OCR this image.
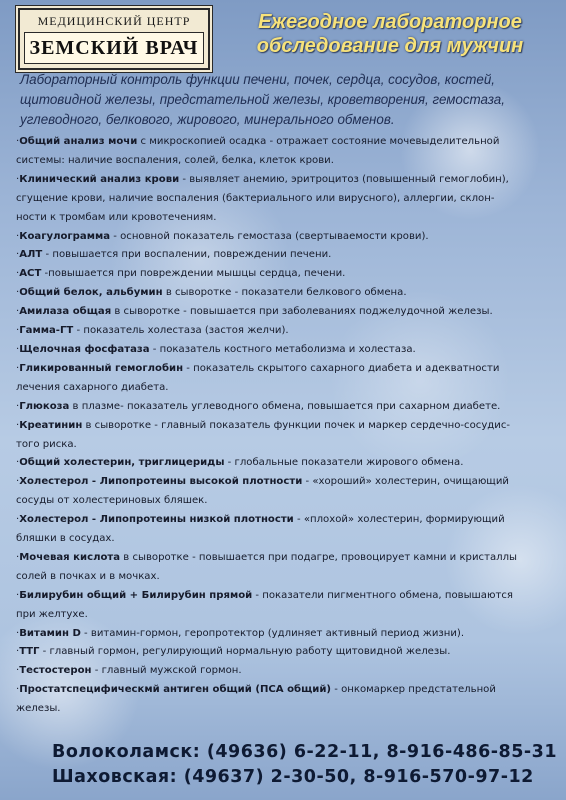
МЕДИЦИНСКИЙ ЦЕНТР
ЗЕМСКИЙ ВРАЧ
Ежегодное лабораторное
обследование для мужчин
Лабораторный контроль функции печени, почек, сердца, сосудов, костей,
щитовидной железы, предстательной железы, кроветворения, гемостаза,
углеводного, белкового, жирового, минерального обменов.
·Общий анализ мочи с микроскопией осадка - отражает состояние мочевыделительной
системы: наличие воспаления, солей, белка, клеток крови.
·Клинический анализ крови - выявляет анемию, эритроцитоз (повышенный гемоглобин),
сгущение крови, наличие воспаления (бактериального или вирусного), аллергии, склон-
ности к тромбам или кровотечениям.
·Коагулограмма - основной показатель гемостаза (свертываемости крови).
·АЛТ - повышается при воспалении, повреждении печени.
·АСТ -повышается при повреждении мышцы сердца, печени.
·Общий белок, альбумин в сыворотке - показатели белкового обмена.
·Амилаза общая в сыворотке - повышается при заболеваниях поджелудочной железы.
·Гамма-ГТ - показатель холестаза (застоя желчи).
·Щелочная фосфатаза - показатель костного метаболизма и холестаза.
·Гликированный гемоглобин - показатель скрытого сахарного диабета и адекватности
лечения сахарного диабета.
·Глюкоза в плазме- показатель углеводного обмена, повышается при сахарном диабете.
·Креатинин в сыворотке - главный показатель функции почек и маркер сердечно-сосудис-
того риска.
·Общий холестерин, триглицериды - глобальные показатели жирового обмена.
·Холестерол - Липопротеины высокой плотности - «хороший» холестерин, очищающий
сосуды от холестериновых бляшек.
·Холестерол - Липопротеины низкой плотности - «плохой» холестерин, формирующий
бляшки в сосудах.
·Мочевая кислота в сыворотке - повышается при подагре, провоцирует камни и кристаллы
солей в почках и в мочках.
·Билирубин общий + Билирубин прямой - показатели пигментного обмена, повышаются
при желтухе.
·Витамин D - витамин-гормон, геропротектор (удлиняет активный период жизни).
·ТТГ - главный гормон, регулирующий нормальную работу щитовидной железы.
·Тестостерон - главный мужской гормон.
·Простатспецифическмй антиген общий (ПСА общий) - онкомаркер предстательной
железы.
Волоколамск: (49636) 6-22-11, 8-916-486-85-31
Шаховская: (49637) 2-30-50, 8-916-570-97-12
